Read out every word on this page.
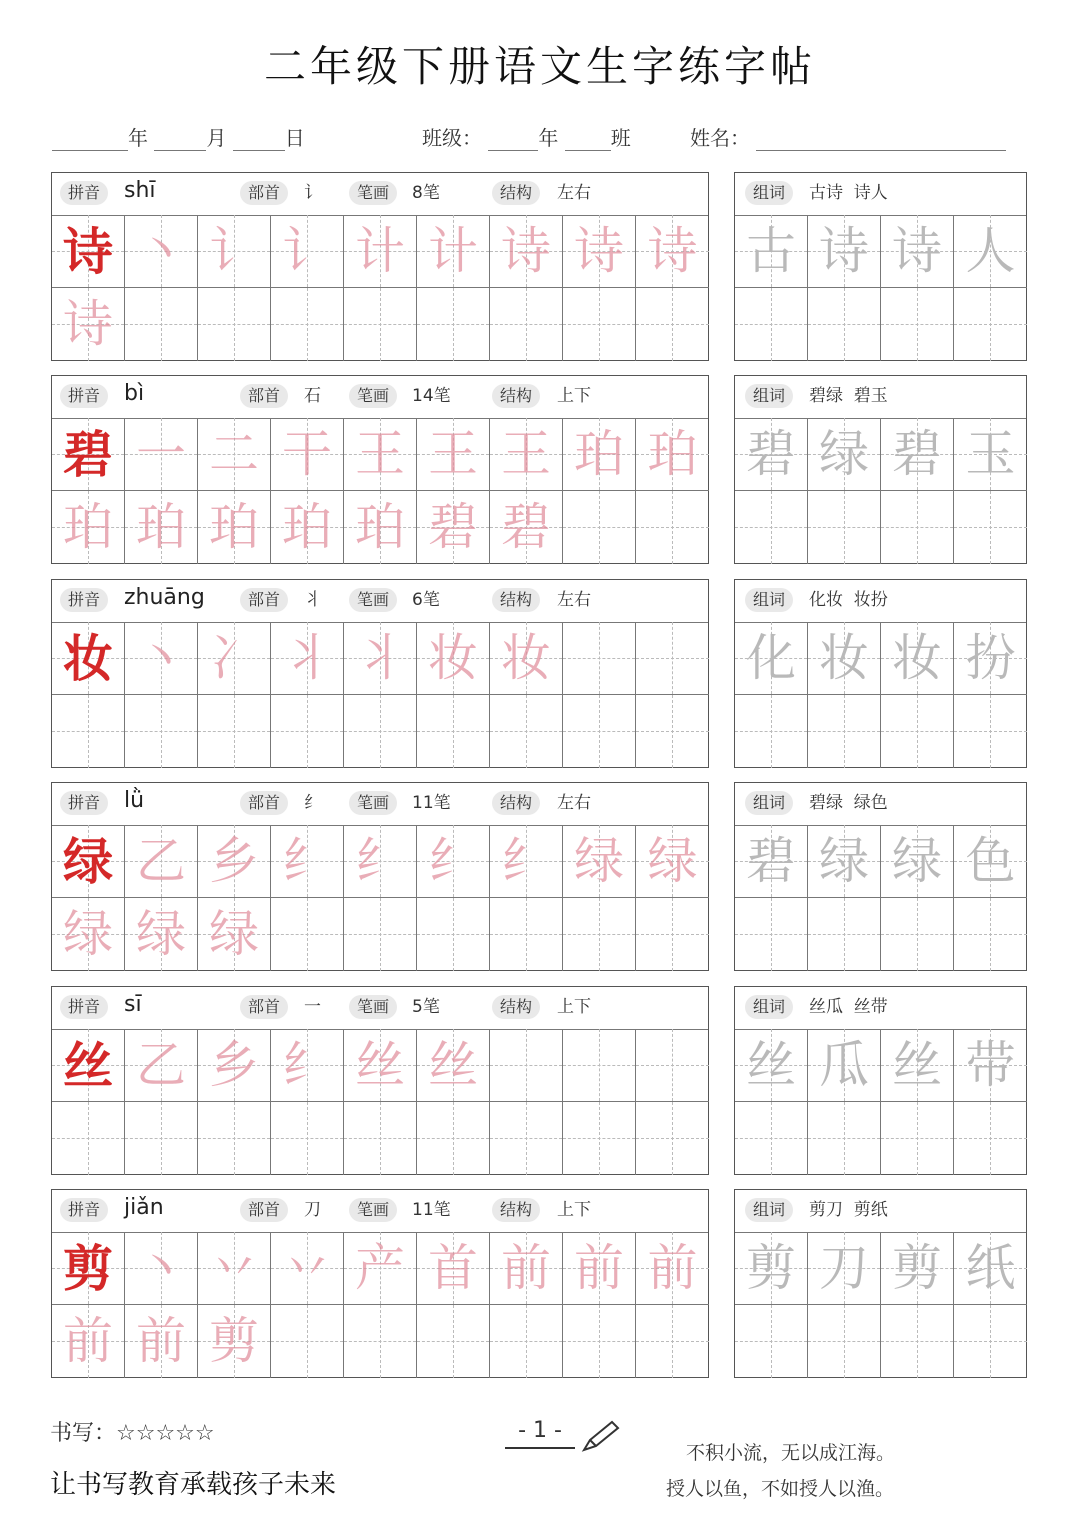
二年级下册语文生字练字帖
年	月	日	班级：	年	班	姓名：
拼音	部首	笔画	结构
shī	讠	8笔	左右
诗 丶 讠 讠 计 计 诗 诗 诗
诗
组词	古诗  诗人
古 诗 诗 人
拼音	部首	笔画	结构
bì	石	14笔	上下
碧 一 二 干 王 王 王 珀 珀
珀 珀 珀 珀 珀 碧 碧
组词	碧绿  碧玉
碧 绿 碧 玉
拼音	部首	笔画	结构
zhuāng	丬	6笔	左右
妆 丶 冫 丬 丬 妆 妆
组词	化妆  妆扮
化 妆 妆 扮
拼音	部首	笔画	结构
lǜ	纟	11笔	左右
绿 乙 乡 纟 纟 纟 纟 绿 绿
绿 绿 绿
组词	碧绿  绿色
碧 绿 绿 色
拼音	部首	笔画	结构
sī	一	5笔	上下
丝 乙 乡 纟 丝 丝
组词	丝瓜  丝带
丝 瓜 丝 带
拼音	部首	笔画	结构
jiǎn	刀	11笔	上下
剪 丶 丷 丷 产 首 前 前 前
前 前 剪
组词	剪刀  剪纸
剪 刀 剪 纸
书写：☆☆☆☆☆	- 1 -
让书写教育承载孩子未来
不积小流，无以成江海。
授人以鱼，不如授人以渔。
